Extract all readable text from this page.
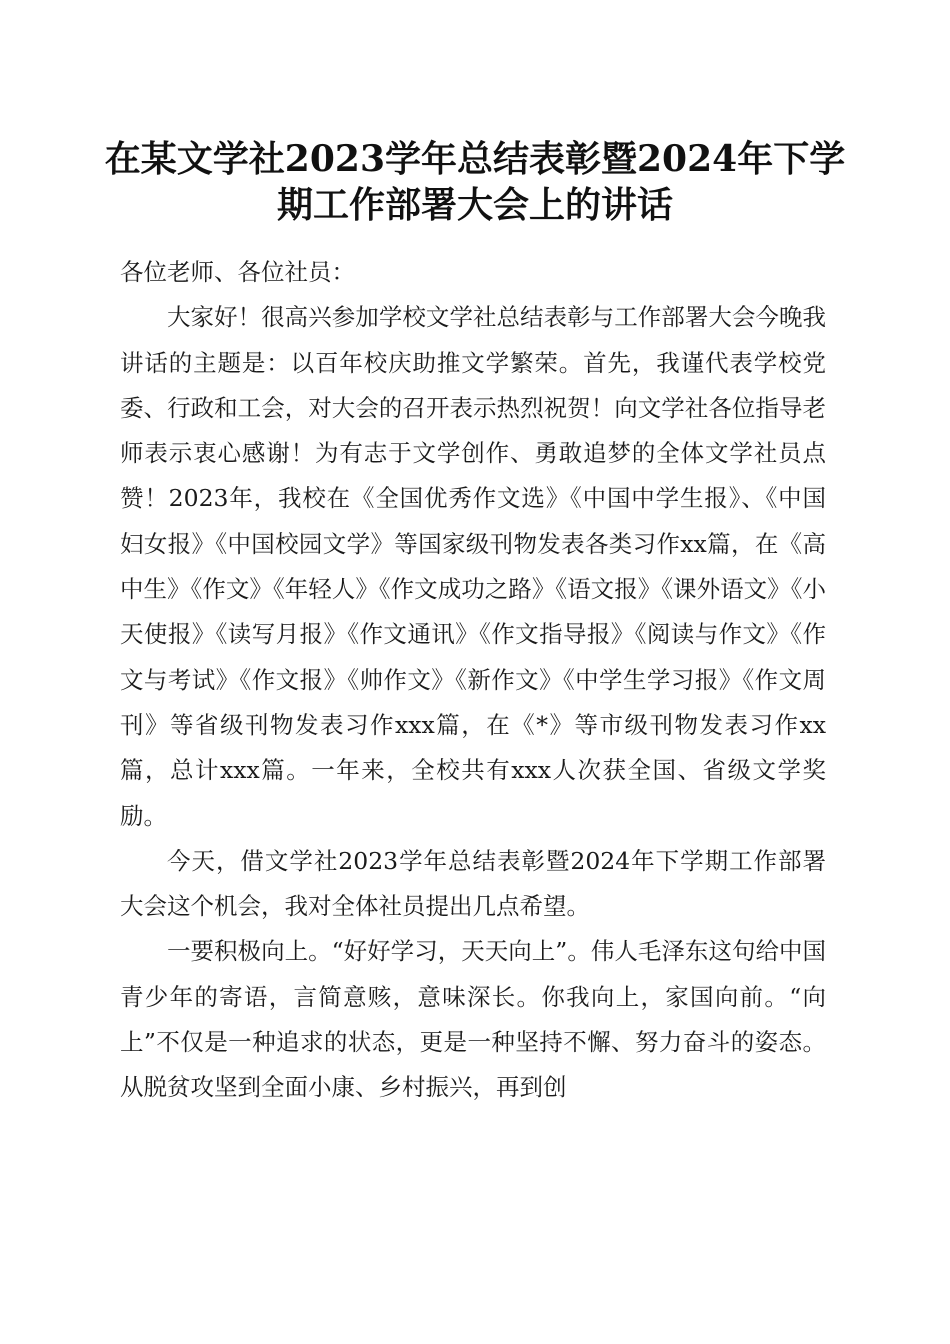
在某文学社2023学年总结表彰暨2024年下学期工作部署大会上的讲话

各位老师、各位社员：

大家好！很高兴参加学校文学社总结表彰与工作部署大会今晚我讲话的主题是：以百年校庆助推文学繁荣。首先，我谨代表学校党委、行政和工会，对大会的召开表示热烈祝贺！向文学社各位指导老师表示衷心感谢！为有志于文学创作、勇敢追梦的全体文学社员点赞！2023年，我校在《全国优秀作文选》《中国中学生报》、《中国妇女报》《中国校园文学》等国家级刊物发表各类习作xx篇，在《高中生》《作文》《年轻人》《作文成功之路》《语文报》《课外语文》《小天使报》《读写月报》《作文通讯》《作文指导报》《阅读与作文》《作文与考试》《作文报》《帅作文》《新作文》《中学生学习报》《作文周刊》等省级刊物发表习作xxx篇，在《*》等市级刊物发表习作xx篇，总计xxx篇。一年来，全校共有xxx人次获全国、省级文学奖励。

今天，借文学社2023学年总结表彰暨2024年下学期工作部署大会这个机会，我对全体社员提出几点希望。

一要积极向上。“好好学习，天天向上”。伟人毛泽东这句给中国青少年的寄语，言简意赅，意味深长。你我向上，家国向前。“向上”不仅是一种追求的状态，更是一种坚持不懈、努力奋斗的姿态。从脱贫攻坚到全面小康、乡村振兴，再到创
